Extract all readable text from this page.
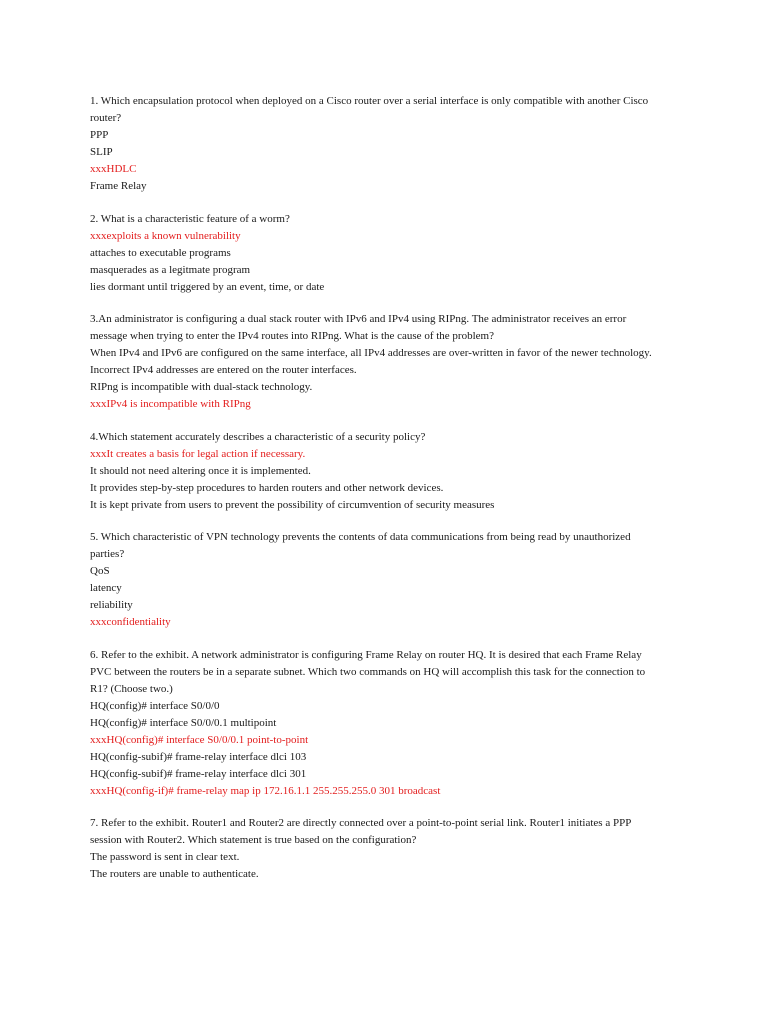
1. Which encapsulation protocol when deployed on a Cisco router over a serial interface is only compatible with another Cisco
router?
PPP
SLIP
xxxHDLC
Frame Relay
2. What is a characteristic feature of a worm?
xxxexploits a known vulnerability
attaches to executable programs
masquerades as a legitmate program
lies dormant until triggered by an event, time, or date
3.An administrator is configuring a dual stack router with IPv6 and IPv4 using RIPng. The administrator receives an error
message when trying to enter the IPv4 routes into RIPng. What is the cause of the problem?
When IPv4 and IPv6 are configured on the same interface, all IPv4 addresses are over-written in favor of the newer technology.
Incorrect IPv4 addresses are entered on the router interfaces.
RIPng is incompatible with dual-stack technology.
xxxIPv4 is incompatible with RIPng
4.Which statement accurately describes a characteristic of a security policy?
xxxIt creates a basis for legal action if necessary.
It should not need altering once it is implemented.
It provides step-by-step procedures to harden routers and other network devices.
It is kept private from users to prevent the possibility of circumvention of security measures
5. Which characteristic of VPN technology prevents the contents of data communications from being read by unauthorized
parties?
QoS
latency
reliability
xxxconfidentiality
6. Refer to the exhibit. A network administrator is configuring Frame Relay on router HQ. It is desired that each Frame Relay
PVC between the routers be in a separate subnet. Which two commands on HQ will accomplish this task for the connection to
R1? (Choose two.)
HQ(config)# interface S0/0/0
HQ(config)# interface S0/0/0.1 multipoint
xxxHQ(config)# interface S0/0/0.1 point-to-point
HQ(config-subif)# frame-relay interface dlci 103
HQ(config-subif)# frame-relay interface dlci 301
xxxHQ(config-if)# frame-relay map ip 172.16.1.1 255.255.255.0 301 broadcast
7. Refer to the exhibit. Router1 and Router2 are directly connected over a point-to-point serial link. Router1 initiates a PPP
session with Router2. Which statement is true based on the configuration?
The password is sent in clear text.
The routers are unable to authenticate.
